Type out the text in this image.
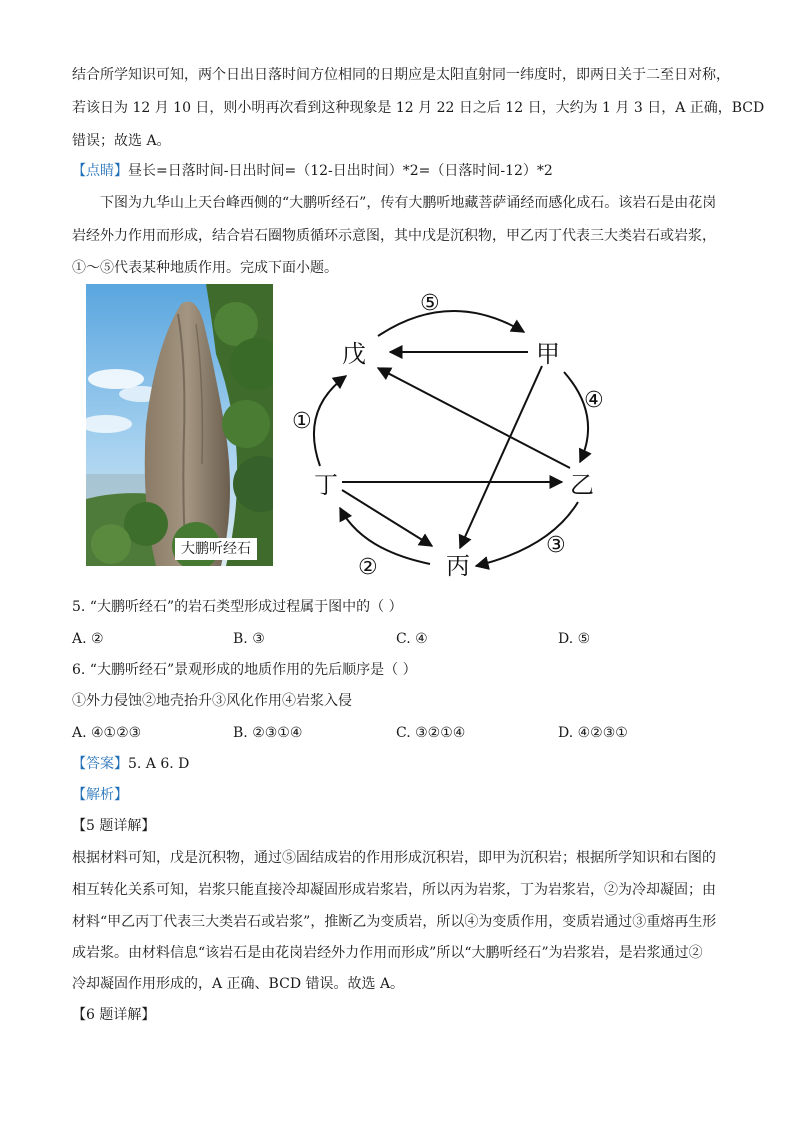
结合所学知识可知，两个日出日落时间方位相同的日期应是太阳直射同一纬度时，即两日关于二至日对称，
若该日为 12 月 10 日，则小明再次看到这种现象是 12 月 22 日之后 12 日，大约为 1 月 3 日，A 正确，BCD
错误；故选 A。
【点睛】昼长=日落时间-日出时间=（12-日出时间）*2=（日落时间-12）*2
下图为九华山上天台峰西侧的“大鹏听经石”，传有大鹏听地藏菩萨诵经而感化成石。该岩石是由花岗
岩经外力作用而形成，结合岩石圈物质循环示意图，其中戊是沉积物，甲乙丙丁代表三大类岩石或岩浆，
①～⑤代表某种地质作用。完成下面小题。
大鹏听经石
戊	甲
乙
丙
丁
⑤
④
③
②
①
5. “大鹏听经石”的岩石类型形成过程属于图中的（ ）
A. ②	B. ③	C. ④	D. ⑤
6. “大鹏听经石”景观形成的地质作用的先后顺序是（ ）
①外力侵蚀②地壳抬升③风化作用④岩浆入侵
A. ④①②③	B. ②③①④	C. ③②①④	D. ④②③①
【答案】5. A 6. D
【解析】
【5 题详解】
根据材料可知，戊是沉积物，通过⑤固结成岩的作用形成沉积岩，即甲为沉积岩；根据所学知识和右图的
相互转化关系可知，岩浆只能直接冷却凝固形成岩浆岩，所以丙为岩浆，丁为岩浆岩，②为冷却凝固；由
材料“甲乙丙丁代表三大类岩石或岩浆”，推断乙为变质岩，所以④为变质作用，变质岩通过③重熔再生形
成岩浆。由材料信息“该岩石是由花岗岩经外力作用而形成”所以“大鹏听经石”为岩浆岩，是岩浆通过②
冷却凝固作用形成的，A 正确、BCD 错误。故选 A。
【6 题详解】
